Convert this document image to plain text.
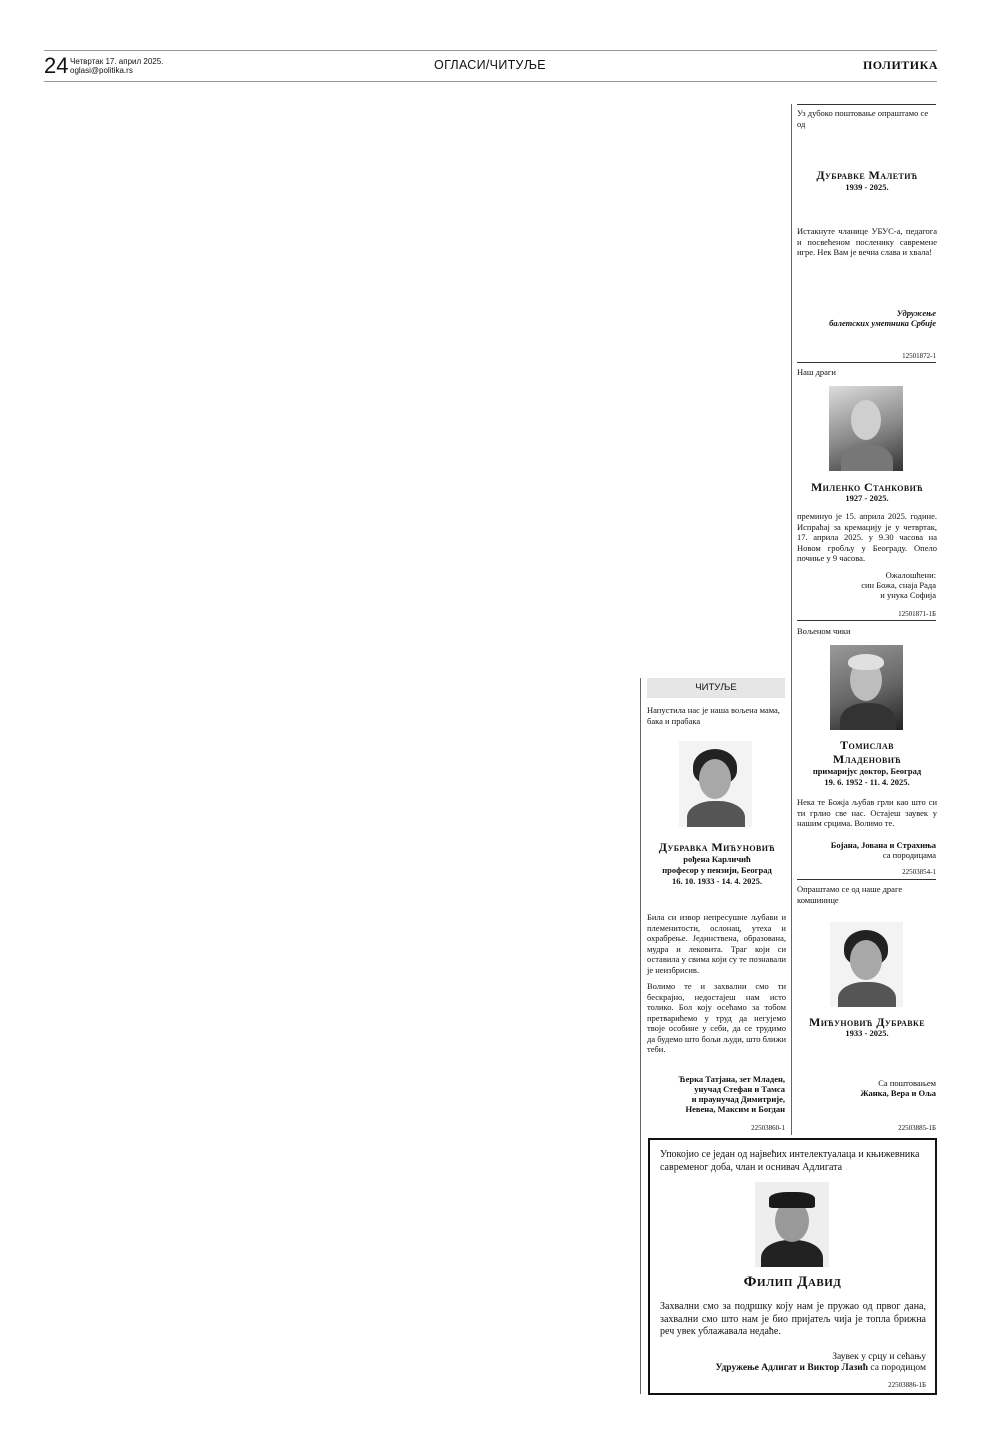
24 Четвртак 17. април 2025.
oglasi@politika.rs	ОГЛАСИ/ЧИТУЉЕ	ПОЛИТИКА
Уз дубоко поштовање опраштамо се од
Дубравке Малетић
1939 - 2025.
Истакнутe чланице УБУС-а, педагога и посвећеном посленику савремене игре. Нек Вам је вечна слава и хвала!
Удружење
балетских уметника Србије
12501872-1
Наш драги
Миленко Станковић
1927 - 2025.
преминуо је 15. априла 2025. године. Испраћај за кремацију је у четвртак, 17. априла 2025. у 9.30 часова на Новом гробљу у Београду. Опело почиње у 9 часова.
Ожалошћени:
син Божа, снаја Рада
и унука Софија
12501871-1Б
Вољеном чики
Томислав
Младеновић
примаријус доктор, Београд
19. 6. 1952 - 11. 4. 2025.
Нека те Божја љубав грли као што си ти грлио све нас. Остајеш заувек у нашим срцима. Волимо те.
Бојана, Јована и Страхиња
са породицама
22503854-1
Опраштамо се од наше драге комшинице
Мићуновић Дубравке
1933 - 2025.
Са поштовањем
Жанка, Вера и Оља
22503885-1Б
ЧИТУЉЕ
Напустила нас је наша вољена мама, бака и прабака
Дубравка Мићуновић
рођена Карличић
професор у пензији, Београд
16. 10. 1933 - 14. 4. 2025.
Била си извор непресушне љубави и племенитости, ослонац, утеха и охрабрење. Јединствена, образована, мудра и лековита. Траг који си оставила у свима који су те познавали је неизбрисив.
Волимо те и захвални смо ти бескрајно, недостајеш нам исто толико. Бол коју осећамо за тобом претварићемо у труд да негујемо твоје особине у себи, да се трудимо да будемо што бољи људи, што ближи теби.
Ћерка Татјана, зет Младен,
унучад Стефан и Тамса
и праунучад Димитрије,
Невена, Максим и Богдан
22503860-1
Упокојио се један од највећих интелектуалаца и књижевника савременог доба, члан и оснивач Адлигата
Филип Давид
Захвални смо за подршку коју нам је пружао од првог дана, захвални смо што нам је био пријатељ чија је топла брижна реч увек ублажавала недаће.
Заувек у срцу и сећању
Удружење Адлигат и Виктор Лазић са породицом
22503886-1Б
